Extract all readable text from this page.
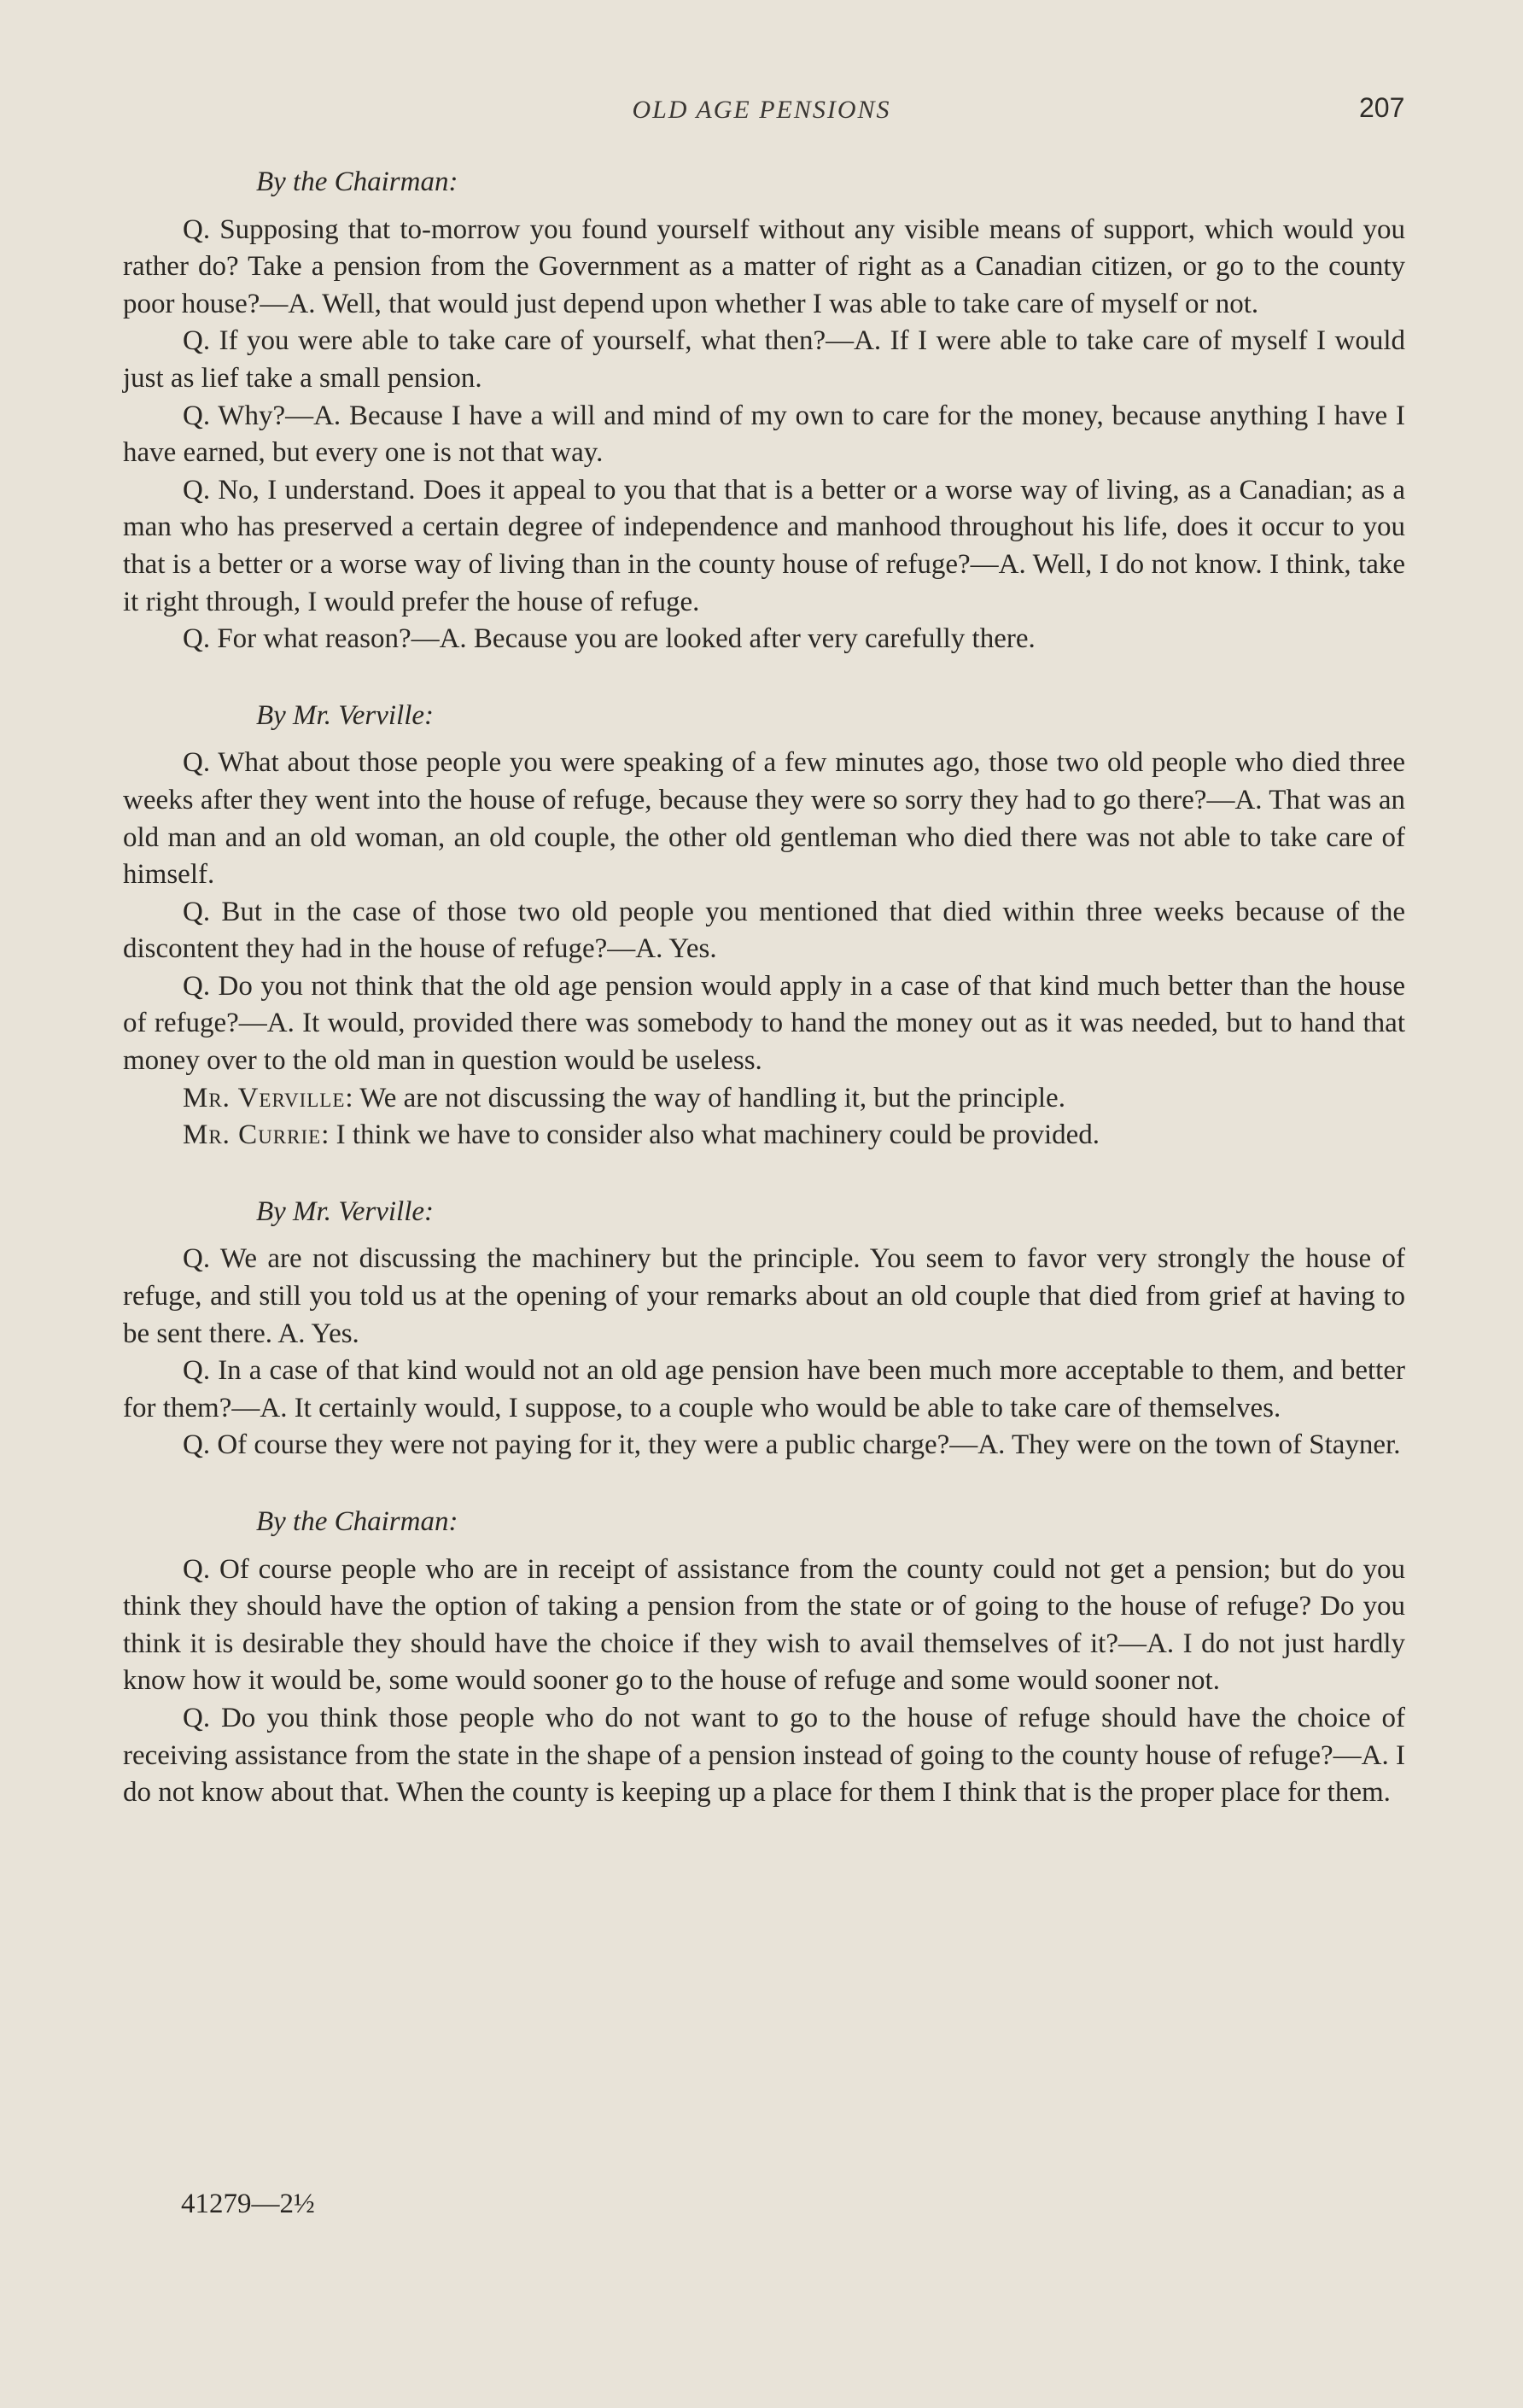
OLD AGE PENSIONS	207

By the Chairman:

Q. Supposing that to-morrow you found yourself without any visible means of support, which would you rather do? Take a pension from the Government as a matter of right as a Canadian citizen, or go to the county poor house?—A. Well, that would just depend upon whether I was able to take care of myself or not.

Q. If you were able to take care of yourself, what then?—A. If I were able to take care of myself I would just as lief take a small pension.

Q. Why?—A. Because I have a will and mind of my own to care for the money, because anything I have I have earned, but every one is not that way.

Q. No, I understand. Does it appeal to you that that is a better or a worse way of living, as a Canadian; as a man who has preserved a certain degree of independence and manhood throughout his life, does it occur to you that is a better or a worse way of living than in the county house of refuge?—A. Well, I do not know. I think, take it right through, I would prefer the house of refuge.

Q. For what reason?—A. Because you are looked after very carefully there.

By Mr. Verville:

Q. What about those people you were speaking of a few minutes ago, those two old people who died three weeks after they went into the house of refuge, because they were so sorry they had to go there?—A. That was an old man and an old woman, an old couple, the other old gentleman who died there was not able to take care of himself.

Q. But in the case of those two old people you mentioned that died within three weeks because of the discontent they had in the house of refuge?—A. Yes.

Q. Do you not think that the old age pension would apply in a case of that kind much better than the house of refuge?—A. It would, provided there was somebody to hand the money out as it was needed, but to hand that money over to the old man in question would be useless.

Mr. Verville: We are not discussing the way of handling it, but the principle.

Mr. Currie: I think we have to consider also what machinery could be provided.

By Mr. Verville:

Q. We are not discussing the machinery but the principle. You seem to favor very strongly the house of refuge, and still you told us at the opening of your remarks about an old couple that died from grief at having to be sent there. A. Yes.

Q. In a case of that kind would not an old age pension have been much more acceptable to them, and better for them?—A. It certainly would, I suppose, to a couple who would be able to take care of themselves.

Q. Of course they were not paying for it, they were a public charge?—A. They were on the town of Stayner.

By the Chairman:

Q. Of course people who are in receipt of assistance from the county could not get a pension; but do you think they should have the option of taking a pension from the state or of going to the house of refuge? Do you think it is desirable they should have the choice if they wish to avail themselves of it?—A. I do not just hardly know how it would be, some would sooner go to the house of refuge and some would sooner not.

Q. Do you think those people who do not want to go to the house of refuge should have the choice of receiving assistance from the state in the shape of a pension instead of going to the county house of refuge?—A. I do not know about that. When the county is keeping up a place for them I think that is the proper place for them.

41279—2½
